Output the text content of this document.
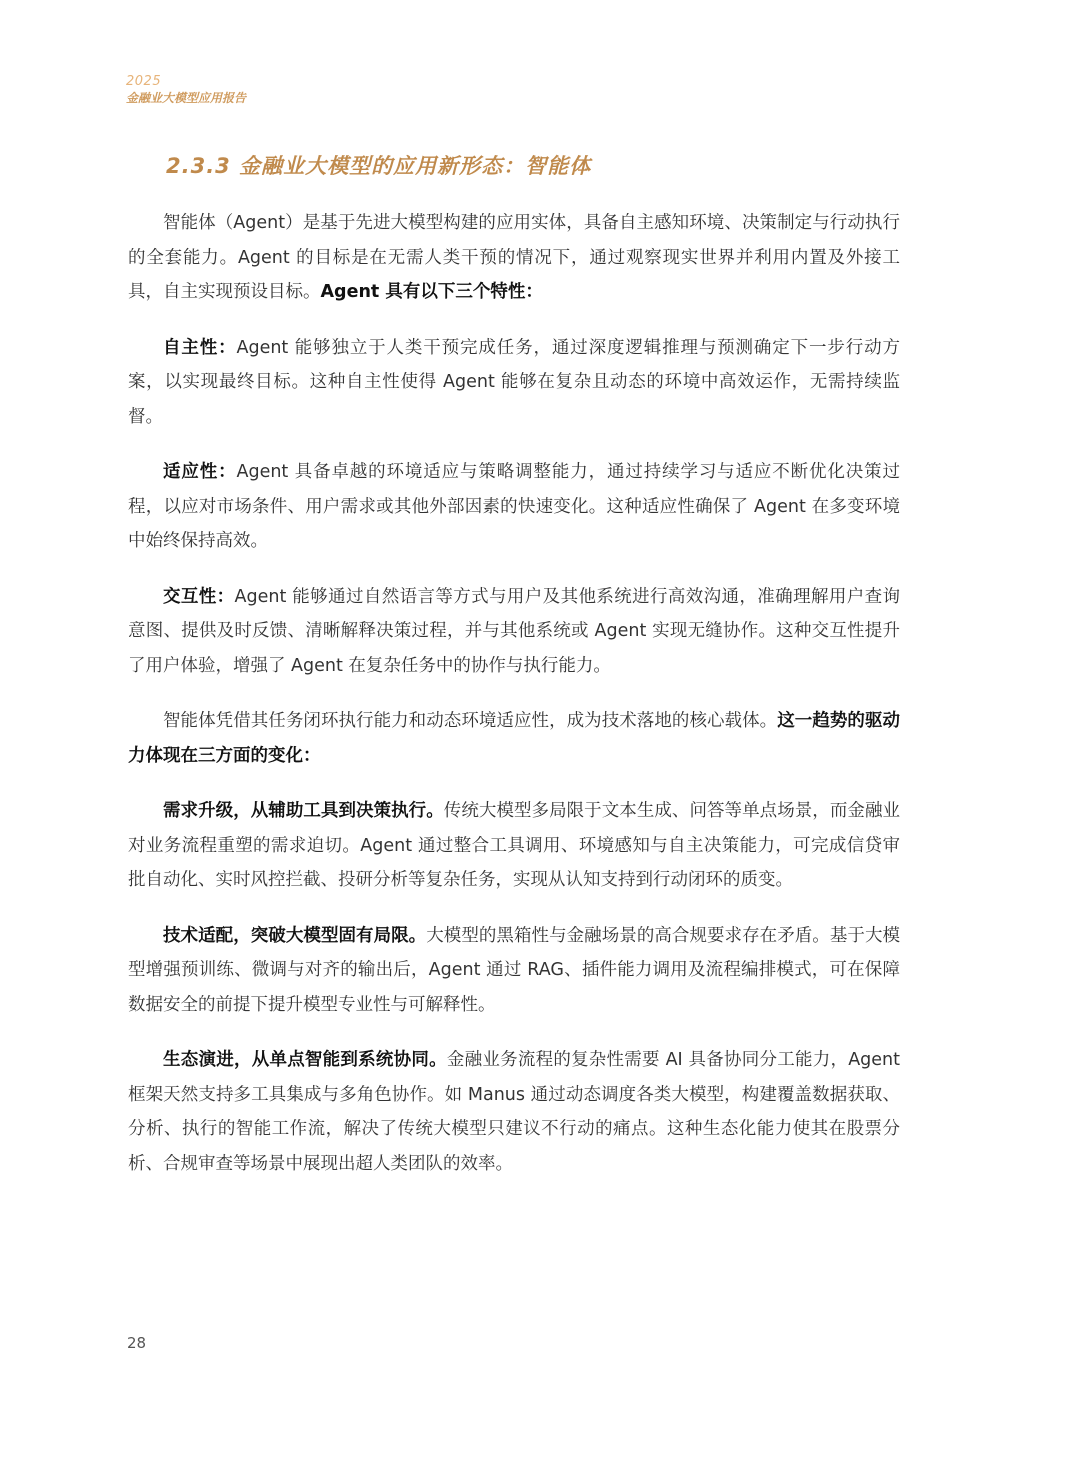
2025
金融业大模型应用报告
2.3.3 金融业大模型的应用新形态：智能体

智能体（Agent）是基于先进大模型构建的应用实体，具备自主感知环境、决策制定与行动执行的全套能力。Agent 的目标是在无需人类干预的情况下，通过观察现实世界并利用内置及外接工具，自主实现预设目标。Agent 具有以下三个特性：

自主性：Agent 能够独立于人类干预完成任务，通过深度逻辑推理与预测确定下一步行动方案，以实现最终目标。这种自主性使得 Agent 能够在复杂且动态的环境中高效运作，无需持续监督。

适应性：Agent 具备卓越的环境适应与策略调整能力，通过持续学习与适应不断优化决策过程，以应对市场条件、用户需求或其他外部因素的快速变化。这种适应性确保了 Agent 在多变环境中始终保持高效。

交互性：Agent 能够通过自然语言等方式与用户及其他系统进行高效沟通，准确理解用户查询意图、提供及时反馈、清晰解释决策过程，并与其他系统或 Agent 实现无缝协作。这种交互性提升了用户体验，增强了 Agent 在复杂任务中的协作与执行能力。

智能体凭借其任务闭环执行能力和动态环境适应性，成为技术落地的核心载体。这一趋势的驱动力体现在三方面的变化：

需求升级，从辅助工具到决策执行。传统大模型多局限于文本生成、问答等单点场景，而金融业对业务流程重塑的需求迫切。Agent 通过整合工具调用、环境感知与自主决策能力，可完成信贷审批自动化、实时风控拦截、投研分析等复杂任务，实现从认知支持到行动闭环的质变。

技术适配，突破大模型固有局限。大模型的黑箱性与金融场景的高合规要求存在矛盾。基于大模型增强预训练、微调与对齐的输出后，Agent 通过 RAG、插件能力调用及流程编排模式，可在保障数据安全的前提下提升模型专业性与可解释性。

生态演进，从单点智能到系统协同。金融业务流程的复杂性需要 AI 具备协同分工能力，Agent 框架天然支持多工具集成与多角色协作。如 Manus 通过动态调度各类大模型，构建覆盖数据获取、分析、执行的智能工作流，解决了传统大模型只建议不行动的痛点。这种生态化能力使其在股票分析、合规审查等场景中展现出超人类团队的效率。

28
